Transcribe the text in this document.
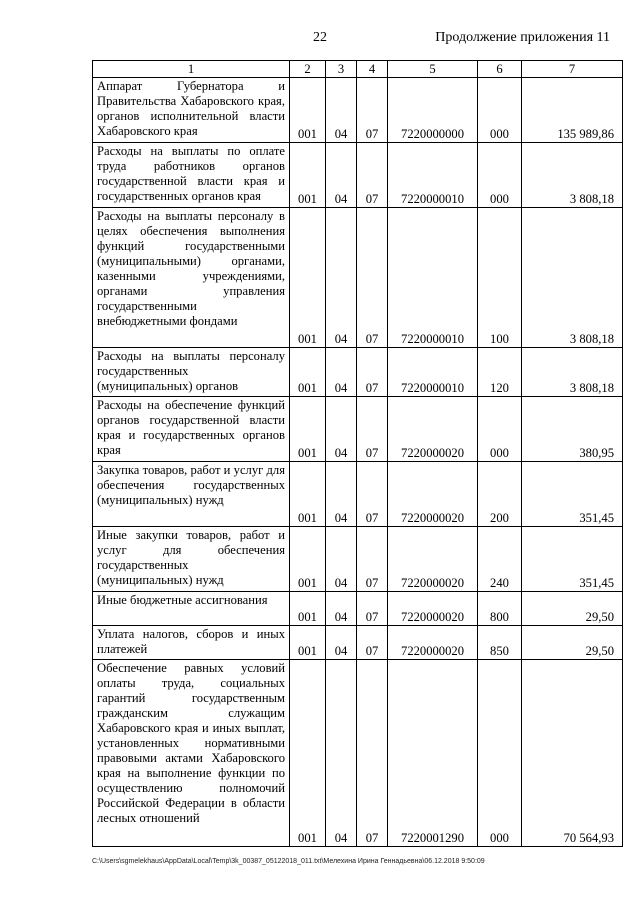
22	Продолжение приложения 11
1	2	3	4	5	6	7
Аппарат Губернатора и Правительства Хабаровского края, органов исполнительной власти Хабаровского края	001	04	07	7220000000	000	135 989,86
Расходы на выплаты по оплате труда работников органов государственной власти края и государственных органов края	001	04	07	7220000010	000	3 808,18
Расходы на выплаты персоналу в целях обеспечения выполнения функций государственными (муниципальными) органами, казенными учреждениями, органами управления государственными внебюджетными фондами	001	04	07	7220000010	100	3 808,18
Расходы на выплаты персоналу государственных (муниципальных) органов	001	04	07	7220000010	120	3 808,18
Расходы на обеспечение функций органов государственной власти края и государственных органов края	001	04	07	7220000020	000	380,95
Закупка товаров, работ и услуг для обеспечения государственных (муниципальных) нужд	001	04	07	7220000020	200	351,45
Иные закупки товаров, работ и услуг для обеспечения государственных (муниципальных) нужд	001	04	07	7220000020	240	351,45
Иные бюджетные ассигнования	001	04	07	7220000020	800	29,50
Уплата налогов, сборов и иных платежей	001	04	07	7220000020	850	29,50
Обеспечение равных условий оплаты труда, социальных гарантий государственным гражданским служащим Хабаровского края и иных выплат, установленных нормативными правовыми актами Хабаровского края на выполнение функции по осуществлению полномочий Российской Федерации в области лесных отношений	001	04	07	7220001290	000	70 564,93
C:\Users\sgmelekhaus\AppData\Local\Temp\3k_00387_05122018_011.txt\Мелехина Ирина Геннадьевна\06.12.2018 9:50:09
